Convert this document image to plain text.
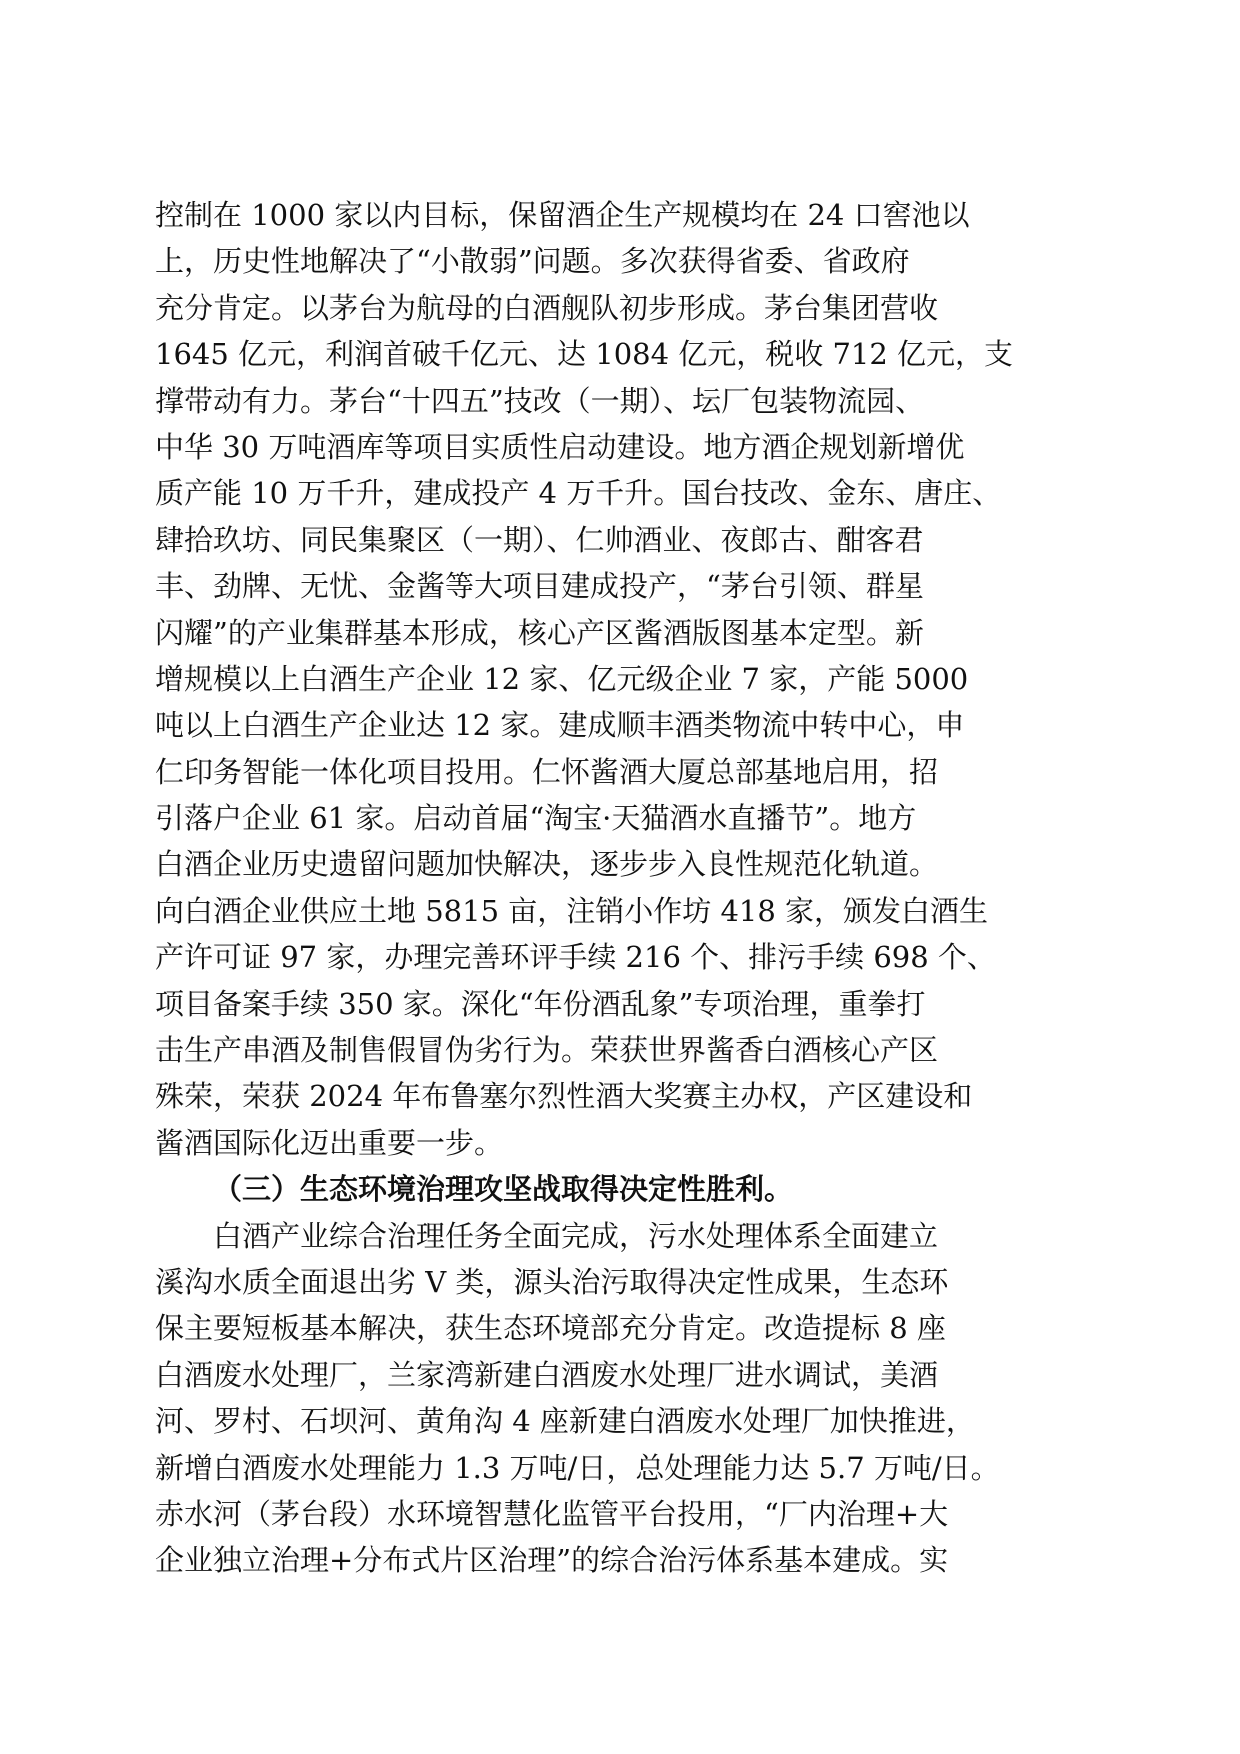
控制在 1000 家以内目标，保留酒企生产规模均在 24 口窖池以
上，历史性地解决了“小散弱”问题。多次获得省委、省政府
充分肯定。以茅台为航母的白酒舰队初步形成。茅台集团营收
1645 亿元，利润首破千亿元、达 1084 亿元，税收 712 亿元，支
撑带动有力。茅台“十四五”技改（一期）、坛厂包装物流园、
中华 30 万吨酒库等项目实质性启动建设。地方酒企规划新增优
质产能 10 万千升，建成投产 4 万千升。国台技改、金东、唐庄、
肆拾玖坊、同民集聚区（一期）、仁帅酒业、夜郎古、酣客君
丰、劲牌、无忧、金酱等大项目建成投产，“茅台引领、群星
闪耀”的产业集群基本形成，核心产区酱酒版图基本定型。新
增规模以上白酒生产企业 12 家、亿元级企业 7 家，产能 5000
吨以上白酒生产企业达 12 家。建成顺丰酒类物流中转中心，申
仁印务智能一体化项目投用。仁怀酱酒大厦总部基地启用，招
引落户企业 61 家。启动首届“淘宝·天猫酒水直播节”。地方
白酒企业历史遗留问题加快解决，逐步步入良性规范化轨道。
向白酒企业供应土地 5815 亩，注销小作坊 418 家，颁发白酒生
产许可证 97 家，办理完善环评手续 216 个、排污手续 698 个、
项目备案手续 350 家。深化“年份酒乱象”专项治理，重拳打
击生产串酒及制售假冒伪劣行为。荣获世界酱香白酒核心产区
殊荣，荣获 2024 年布鲁塞尔烈性酒大奖赛主办权，产区建设和
酱酒国际化迈出重要一步。
（三）生态环境治理攻坚战取得决定性胜利。
白酒产业综合治理任务全面完成，污水处理体系全面建立
溪沟水质全面退出劣 V 类，源头治污取得决定性成果，生态环
保主要短板基本解决，获生态环境部充分肯定。改造提标 8 座
白酒废水处理厂，兰家湾新建白酒废水处理厂进水调试，美酒
河、罗村、石坝河、黄角沟 4 座新建白酒废水处理厂加快推进，
新增白酒废水处理能力 1.3 万吨/日，总处理能力达 5.7 万吨/日。
赤水河（茅台段）水环境智慧化监管平台投用，“厂内治理+大
企业独立治理+分布式片区治理”的综合治污体系基本建成。实
